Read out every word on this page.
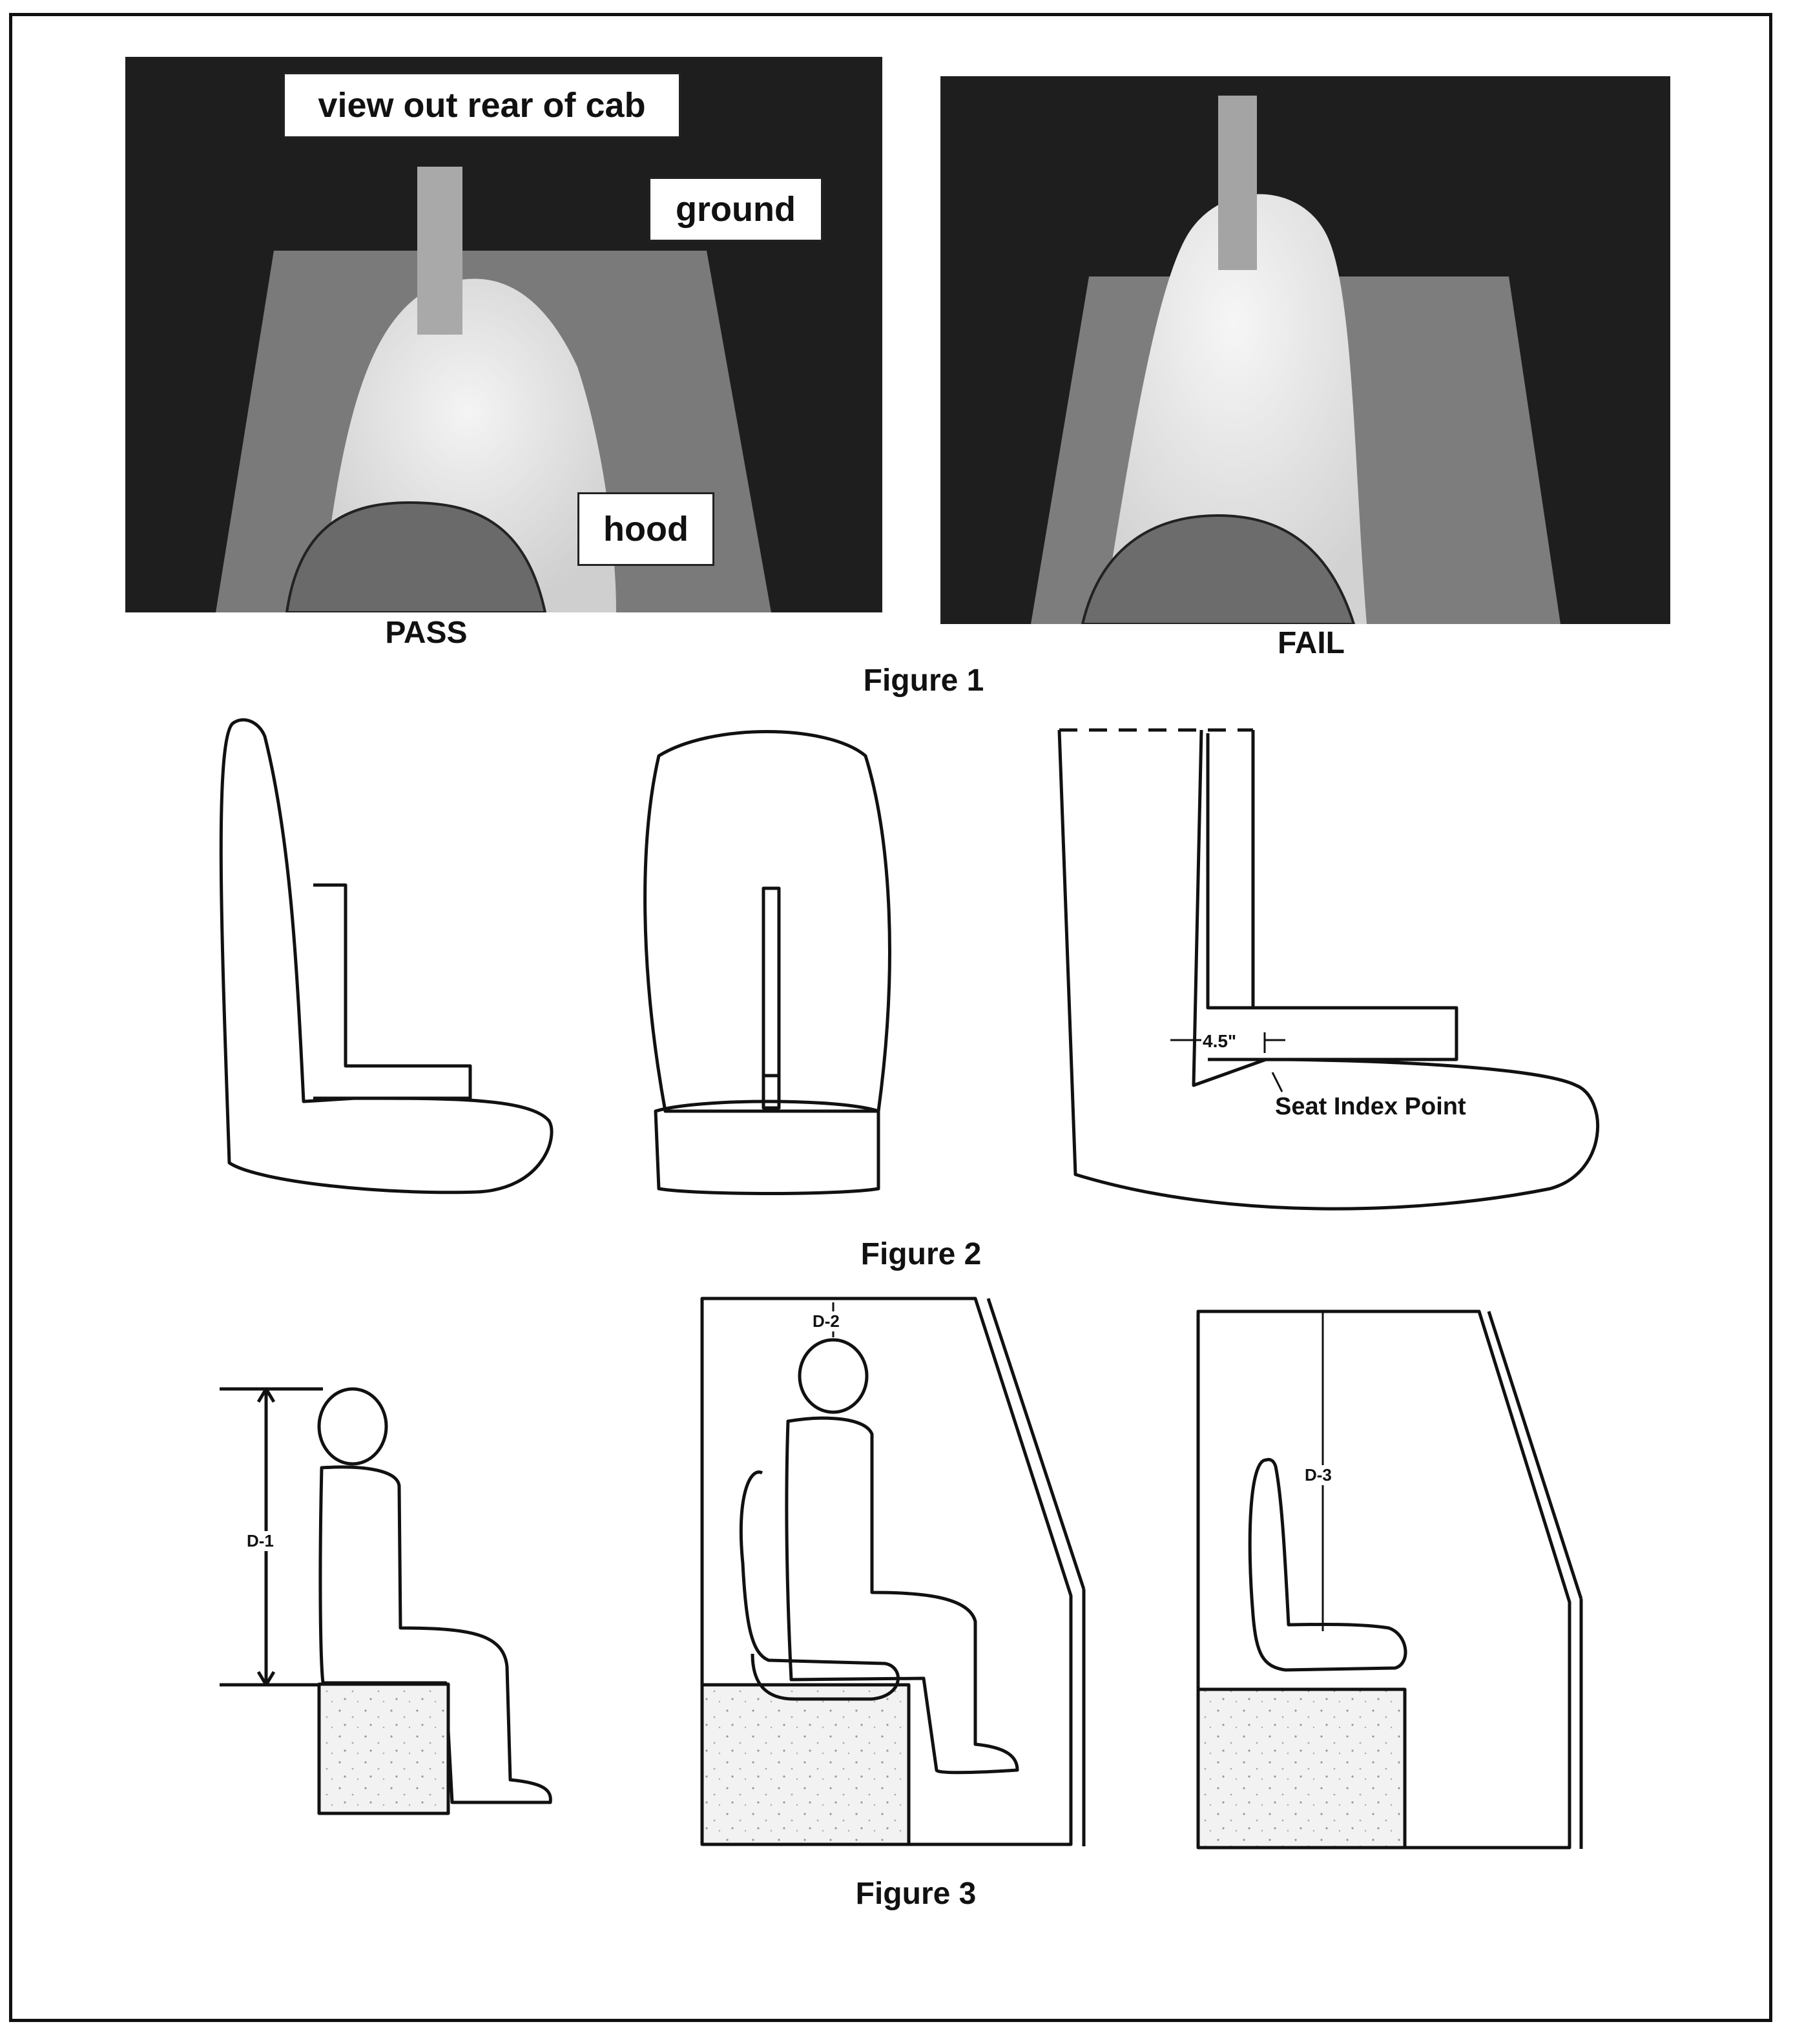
view out rear of cab
ground
hood
PASS	FAIL
Figure 1
4.5"
Seat Index Point
Figure 2
D-1
D-2
D-3
Figure 3
